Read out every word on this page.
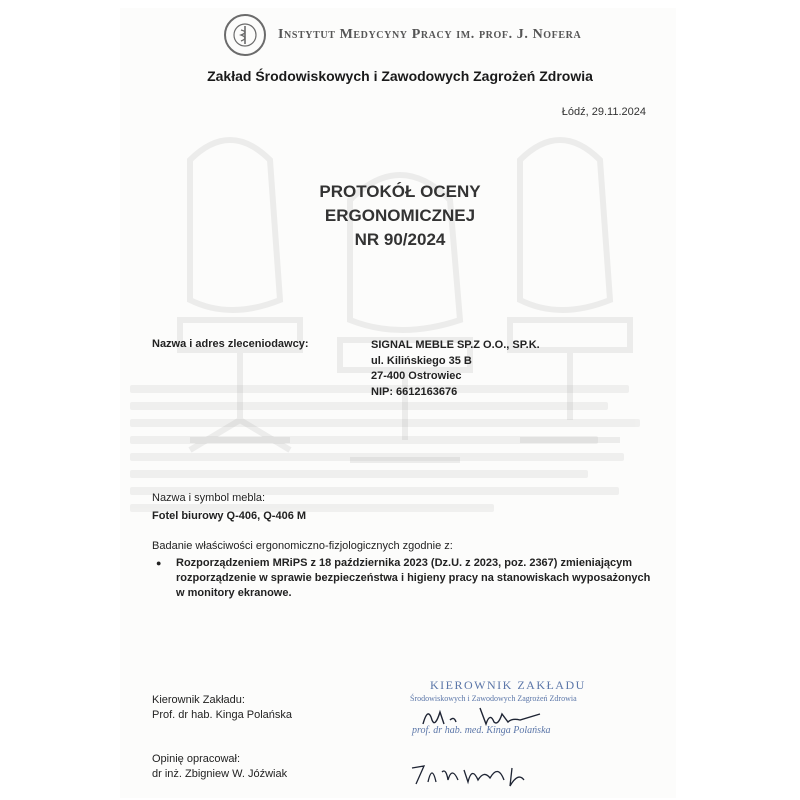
Instytut Medycyny Pracy im. prof. J. Nofera
Zakład Środowiskowych i Zawodowych Zagrożeń Zdrowia
Łódź, 29.11.2024
PROTOKÓŁ OCENY
ERGONOMICZNEJ
NR 90/2024
Nazwa i adres zleceniodawcy:	SIGNAL MEBLE SP.Z O.O., SP.K.
ul. Kilińskiego 35 B
27-400 Ostrowiec
NIP: 6612163676
Nazwa i symbol mebla:
Fotel biurowy Q-406, Q-406 M
Badanie właściwości ergonomiczno-fizjologicznych zgodnie z:
●	Rozporządzeniem MRiPS z 18 października 2023 (Dz.U. z 2023, poz. 2367) zmieniającym
rozporządzenie w sprawie bezpieczeństwa i higieny pracy na stanowiskach wyposażonych
w monitory ekranowe.
Kierownik Zakładu:
Prof. dr hab. Kinga Polańska
KIEROWNIK ZAKŁADU
Środowiskowych i Zawodowych Zagrożeń Zdrowia
prof. dr hab. med. Kinga Polańska
Opinię opracował:
dr inż. Zbigniew W. Jóźwiak
